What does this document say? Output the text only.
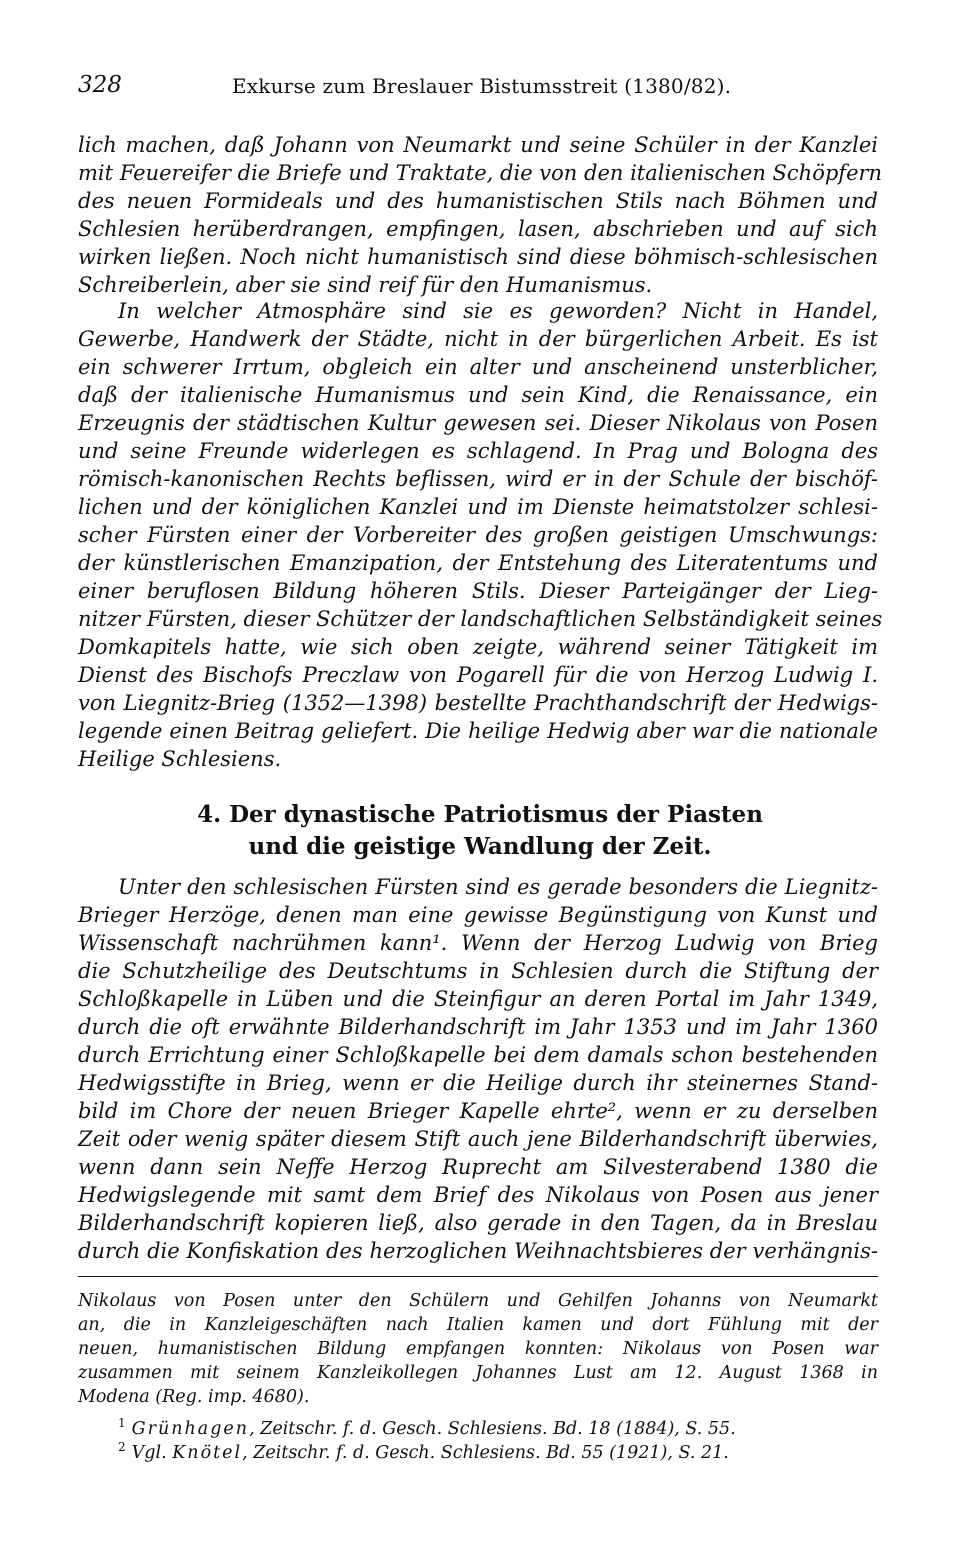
328	Exkurse zum Breslauer Bistumsstreit (1380/82).

lich machen, daß Johann von Neumarkt und seine Schüler in der Kanzlei

mit Feuereifer die Briefe und Traktate, die von den italienischen Schöpfern

des neuen Formideals und des humanistischen Stils nach Böhmen und

Schlesien herüberdrangen, empfingen, lasen, abschrieben und auf sich

wirken ließen. Noch nicht humanistisch sind diese böhmisch-schlesischen

Schreiberlein, aber sie sind reif für den Humanismus.

In welcher Atmosphäre sind sie es geworden? Nicht in Handel,

Gewerbe, Handwerk der Städte, nicht in der bürgerlichen Arbeit. Es ist

ein schwerer Irrtum, obgleich ein alter und anscheinend unsterblicher,

daß der italienische Humanismus und sein Kind, die Renaissance, ein

Erzeugnis der städtischen Kultur gewesen sei. Dieser Nikolaus von Posen

und seine Freunde widerlegen es schlagend. In Prag und Bologna des

römisch-kanonischen Rechts beflissen, wird er in der Schule der bischöf-

lichen und der königlichen Kanzlei und im Dienste heimatstolzer schlesi-

scher Fürsten einer der Vorbereiter des großen geistigen Umschwungs:

der künstlerischen Emanzipation, der Entstehung des Literatentums und

einer beruflosen Bildung höheren Stils. Dieser Parteigänger der Lieg-

nitzer Fürsten, dieser Schützer der landschaftlichen Selbständigkeit seines

Domkapitels hatte, wie sich oben zeigte, während seiner Tätigkeit im

Dienst des Bischofs Preczlaw von Pogarell für die von Herzog Ludwig I.

von Liegnitz-Brieg (1352—1398) bestellte Prachthandschrift der Hedwigs-

legende einen Beitrag geliefert. Die heilige Hedwig aber war die nationale

Heilige Schlesiens.

4. Der dynastische Patriotismus der Piasten

und die geistige Wandlung der Zeit.

Unter den schlesischen Fürsten sind es gerade besonders die Liegnitz-

Brieger Herzöge, denen man eine gewisse Begünstigung von Kunst und

Wissenschaft nachrühmen kann¹. Wenn der Herzog Ludwig von Brieg

die Schutzheilige des Deutschtums in Schlesien durch die Stiftung der

Schloßkapelle in Lüben und die Steinfigur an deren Portal im Jahr 1349,

durch die oft erwähnte Bilderhandschrift im Jahr 1353 und im Jahr 1360

durch Errichtung einer Schloßkapelle bei dem damals schon bestehenden

Hedwigsstifte in Brieg, wenn er die Heilige durch ihr steinernes Stand-

bild im Chore der neuen Brieger Kapelle ehrte², wenn er zu derselben

Zeit oder wenig später diesem Stift auch jene Bilderhandschrift überwies,

wenn dann sein Neffe Herzog Ruprecht am Silvesterabend 1380 die

Hedwigslegende mit samt dem Brief des Nikolaus von Posen aus jener

Bilderhandschrift kopieren ließ, also gerade in den Tagen, da in Breslau

durch die Konfiskation des herzoglichen Weihnachtsbieres der verhängnis-

Nikolaus von Posen unter den Schülern und Gehilfen Johanns von Neumarkt

an, die in Kanzleigeschäften nach Italien kamen und dort Fühlung mit der

neuen, humanistischen Bildung empfangen konnten: Nikolaus von Posen war

zusammen mit seinem Kanzleikollegen Johannes Lust am 12. August 1368 in

Modena (Reg. imp. 4680).

$^1$ Grünhagen, Zeitschr. f. d. Gesch. Schlesiens. Bd. 18 (1884), S. 55.

$^2$ Vgl. Knötel, Zeitschr. f. d. Gesch. Schlesiens. Bd. 55 (1921), S. 21.
